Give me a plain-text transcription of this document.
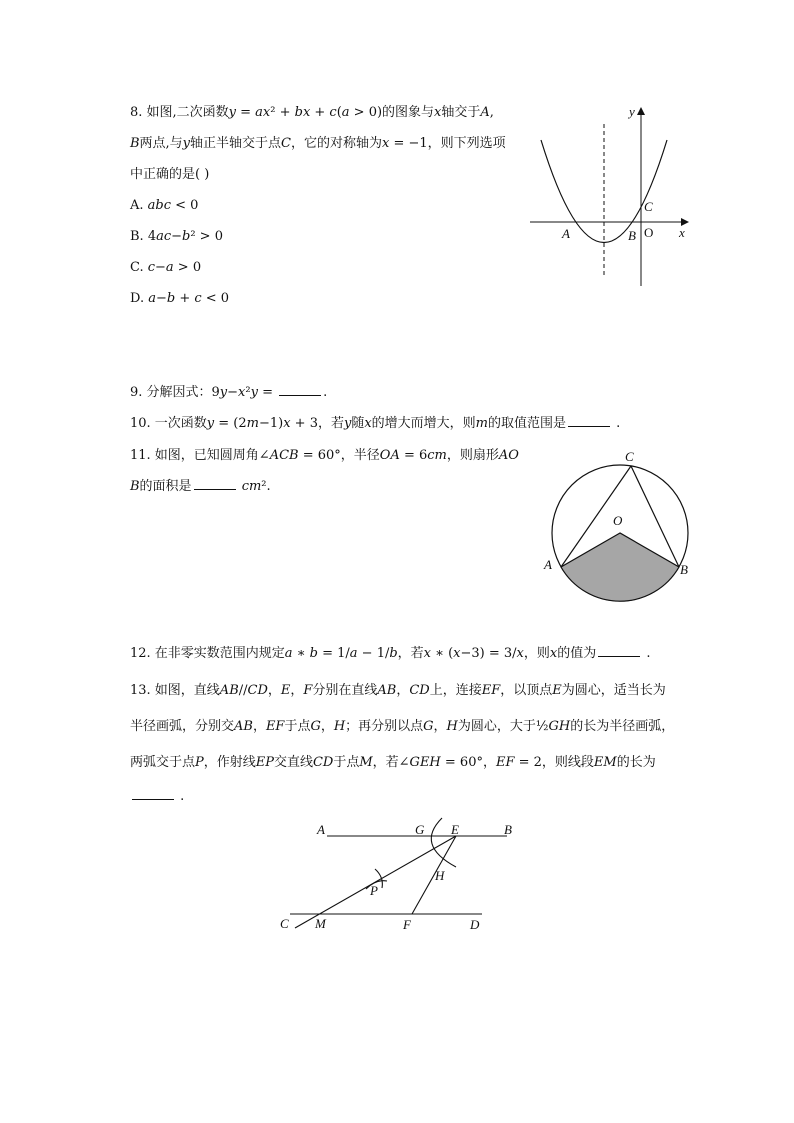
8. 如图,二次函数𝑦 = 𝑎𝑥² + 𝑏𝑥 + 𝑐(𝑎 > 0)的图象与𝑥轴交于𝐴,
𝐵两点,与𝑦轴正半轴交于点𝐶，它的对称轴为𝑥 = −1，则下列选项
中正确的是( )
A. 𝑎𝑏𝑐 < 0
B. 4𝑎𝑐−𝑏² > 0
C. 𝑐−𝑎 > 0
D. 𝑎−𝑏 + 𝑐 < 0
y
x
A	B
C
O
9. 分解因式：9𝑦−𝑥²𝑦 =	.
10. 一次函数𝑦 = (2𝑚−1)𝑥 + 3，若𝑦随𝑥的增大而增大，则𝑚的取值范围是	.
11. 如图，已知圆周角∠𝐴𝐶𝐵 = 60°，半径𝑂𝐴 = 6𝑐𝑚，则扇形𝐴𝑂
𝐵的面积是	𝑐𝑚².
C
O
A	B
12. 在非零实数范围内规定𝑎 ∗ 𝑏 = 1/𝑎 − 1/𝑏，若𝑥 ∗ (𝑥−3) = 3/𝑥，则𝑥的值为	.
13. 如图，直线𝐴𝐵//𝐶𝐷，𝐸，𝐹分别在直线𝐴𝐵，𝐶𝐷上，连接𝐸𝐹，以顶点𝐸为圆心，适当长为
半径画弧，分别交𝐴𝐵，𝐸𝐹于点𝐺，𝐻；再分别以点𝐺，𝐻为圆心，大于½𝐺𝐻的长为半径画弧，
两弧交于点𝑃，作射线𝐸𝑃交直线𝐶𝐷于点𝑀，若∠𝐺𝐸𝐻 = 60°，𝐸𝐹 = 2，则线段𝐸𝑀的长为
.
A	G E	B
P
H
C M	F	D
